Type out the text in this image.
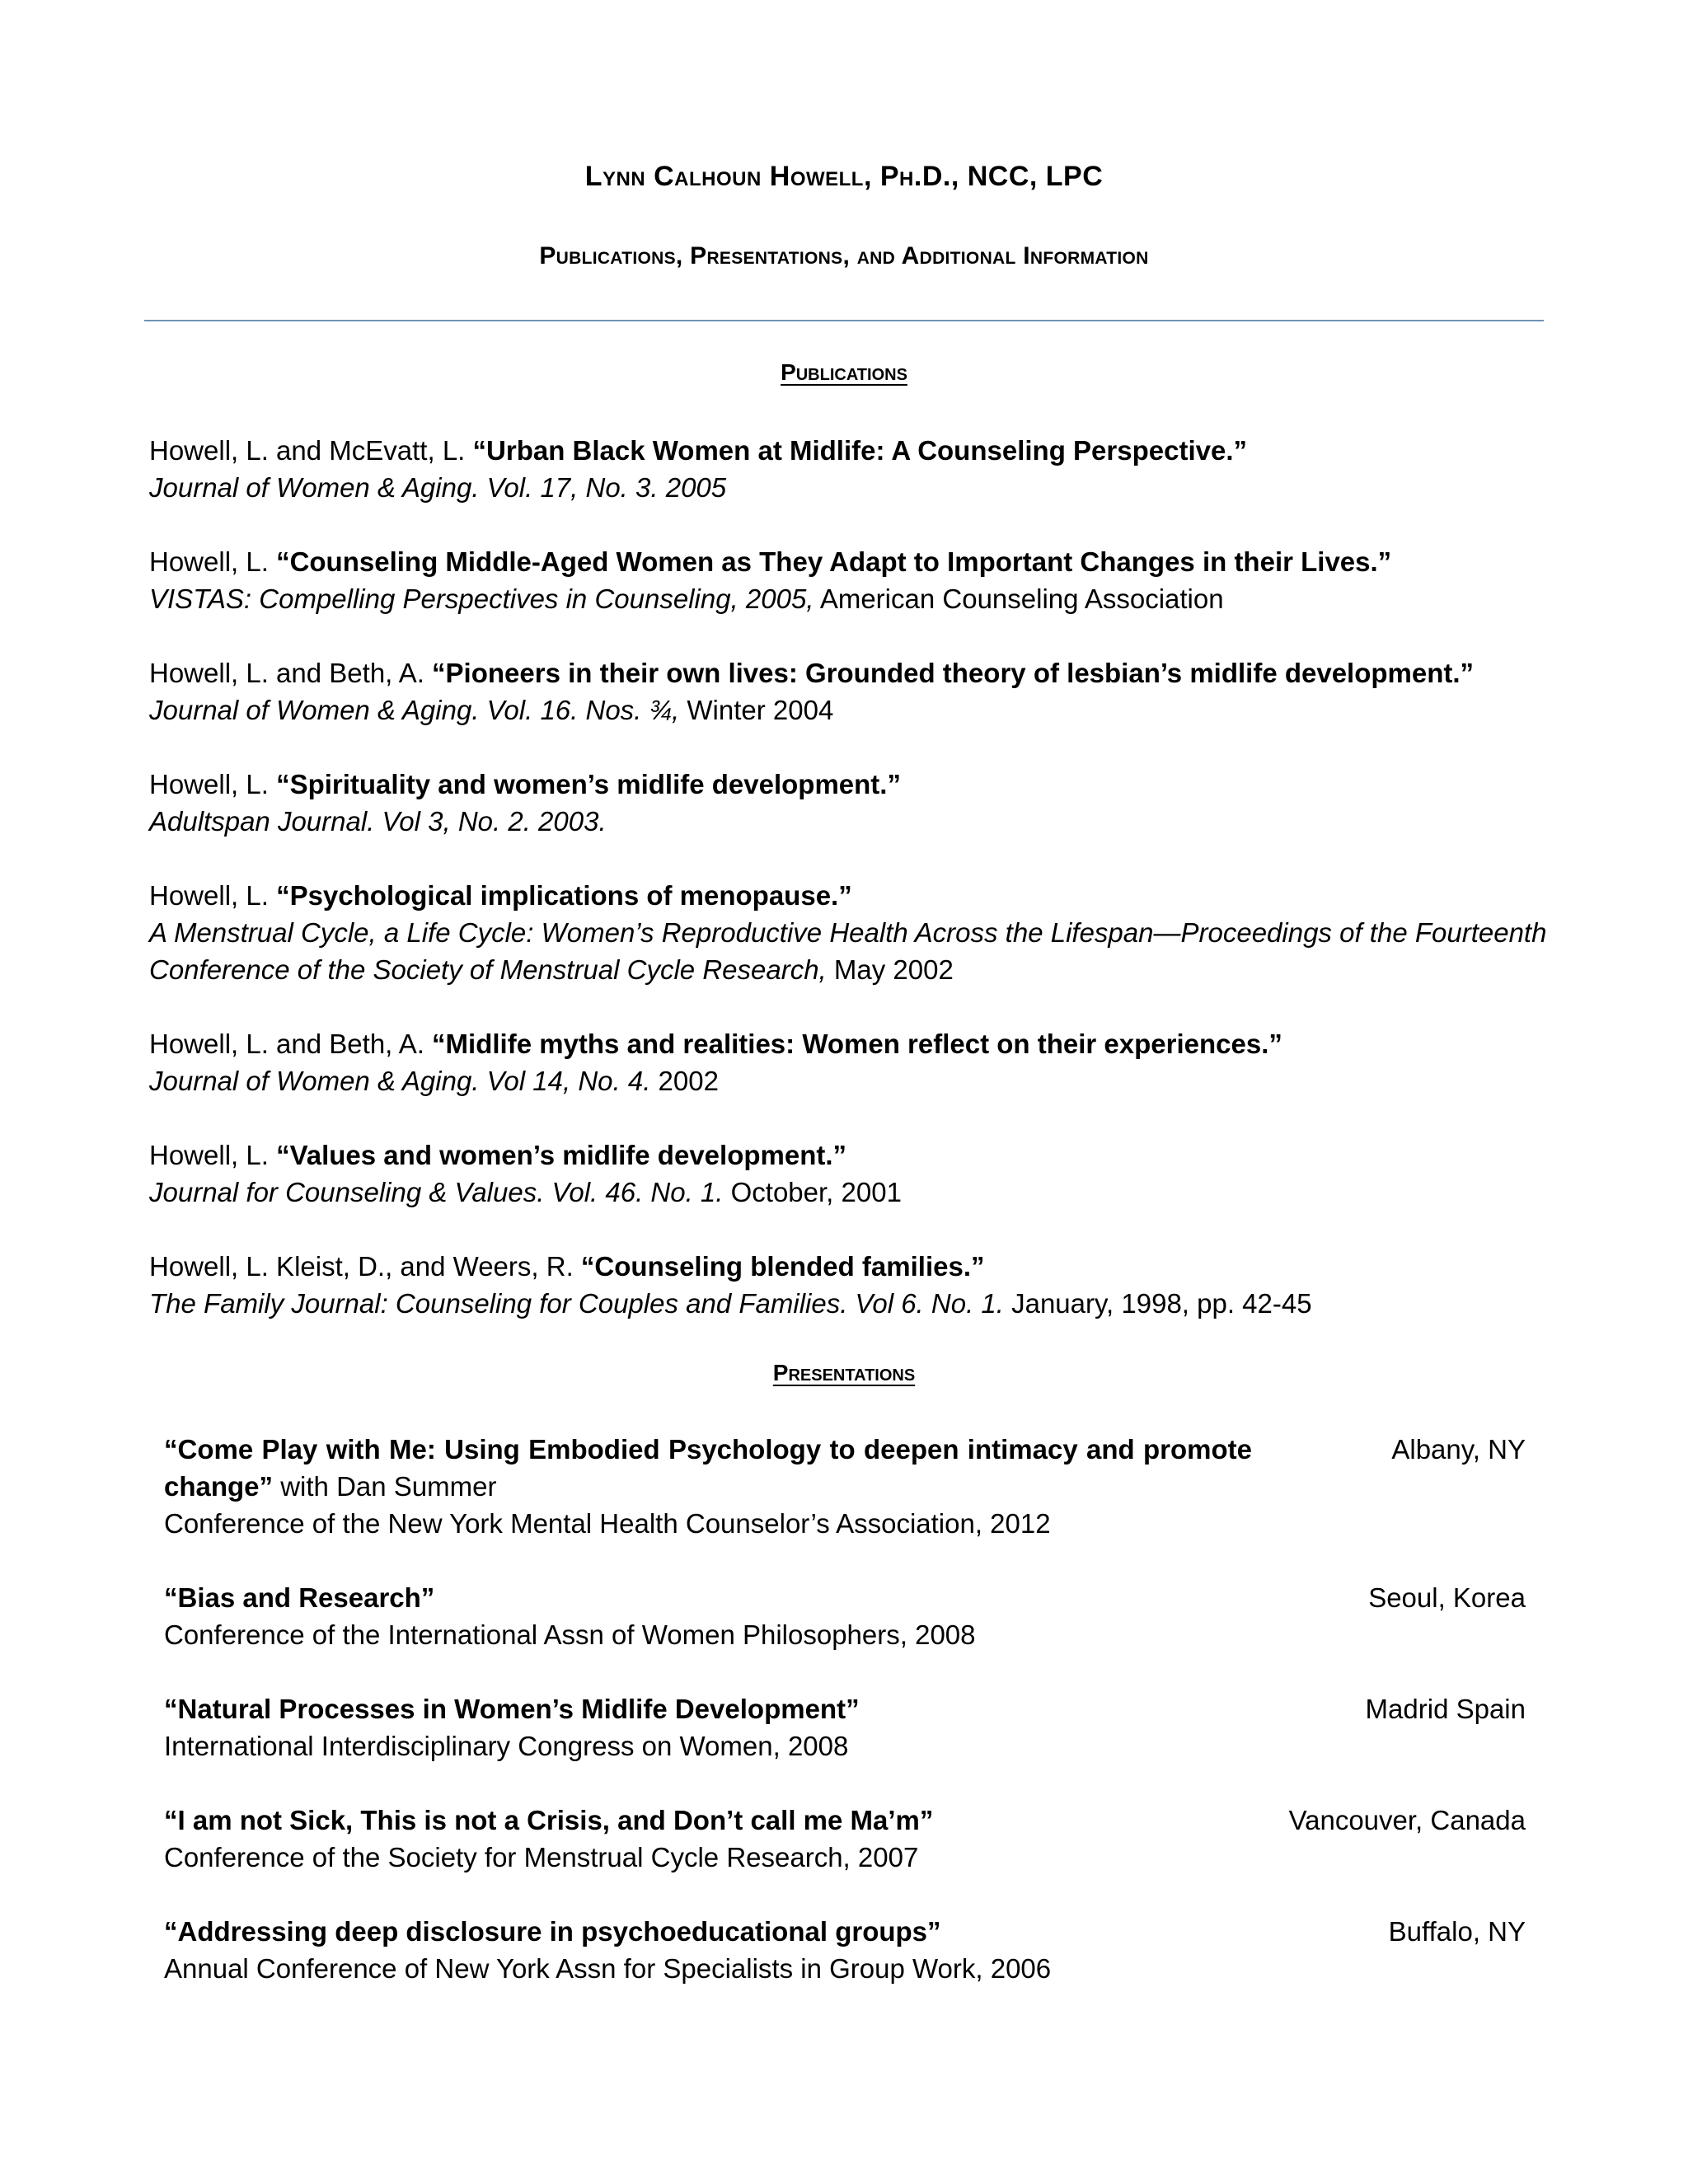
Lynn Calhoun Howell, Ph.D., NCC, LPC
Publications, Presentations, and Additional Information
Publications
Howell, L. and McEvatt, L. “Urban Black Women at Midlife: A Counseling Perspective.”
Journal of Women & Aging. Vol. 17, No. 3. 2005
Howell, L. “Counseling Middle-Aged Women as They Adapt to Important Changes in their Lives.”
VISTAS: Compelling Perspectives in Counseling, 2005, American Counseling Association
Howell, L. and Beth, A. “Pioneers in their own lives: Grounded theory of lesbian’s midlife development.”
Journal of Women & Aging. Vol. 16. Nos. ¾, Winter 2004
Howell, L. “Spirituality and women’s midlife development.”
Adultspan Journal. Vol 3, No. 2. 2003.
Howell, L. “Psychological implications of menopause.”
A Menstrual Cycle, a Life Cycle: Women’s Reproductive Health Across the Lifespan—Proceedings of the Fourteenth Conference of the Society of Menstrual Cycle Research, May 2002
Howell, L. and Beth, A. “Midlife myths and realities: Women reflect on their experiences.”
Journal of Women & Aging. Vol 14, No. 4. 2002
Howell, L. “Values and women’s midlife development.”
Journal for Counseling & Values. Vol. 46. No. 1. October, 2001
Howell, L. Kleist, D., and Weers, R. “Counseling blended families.”
The Family Journal: Counseling for Couples and Families. Vol 6. No. 1. January, 1998, pp. 42-45
Presentations
“Come Play with Me: Using Embodied Psychology to deepen intimacy and promote change” with Dan Summer
Conference of the New York Mental Health Counselor’s Association, 2012
Albany, NY
“Bias and Research”
Conference of the International Assn of Women Philosophers, 2008
Seoul, Korea
“Natural Processes in Women’s Midlife Development”
International Interdisciplinary Congress on Women, 2008
Madrid Spain
“I am not Sick, This is not a Crisis, and Don’t call me Ma’m”
Conference of the Society for Menstrual Cycle Research, 2007
Vancouver, Canada
“Addressing deep disclosure in psychoeducational groups”
Annual Conference of New York Assn for Specialists in Group Work, 2006
Buffalo, NY
